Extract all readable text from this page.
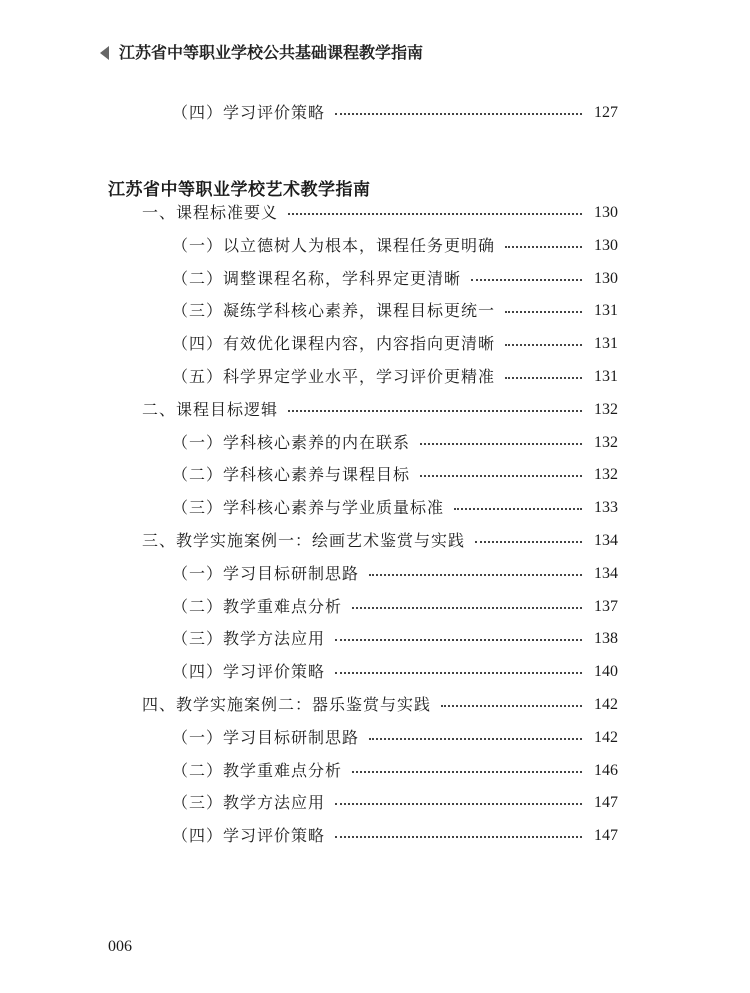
江苏省中等职业学校公共基础课程教学指南
（四）学习评价策略	127
江苏省中等职业学校艺术教学指南
一、课程标准要义	130
（一）以立德树人为根本，课程任务更明确	130
（二）调整课程名称，学科界定更清晰	130
（三）凝练学科核心素养，课程目标更统一	131
（四）有效优化课程内容，内容指向更清晰	131
（五）科学界定学业水平，学习评价更精准	131
二、课程目标逻辑	132
（一）学科核心素养的内在联系	132
（二）学科核心素养与课程目标	132
（三）学科核心素养与学业质量标准	133
三、教学实施案例一：绘画艺术鉴赏与实践	134
（一）学习目标研制思路	134
（二）教学重难点分析	137
（三）教学方法应用	138
（四）学习评价策略	140
四、教学实施案例二：器乐鉴赏与实践	142
（一）学习目标研制思路	142
（二）教学重难点分析	146
（三）教学方法应用	147
（四）学习评价策略	147
006
